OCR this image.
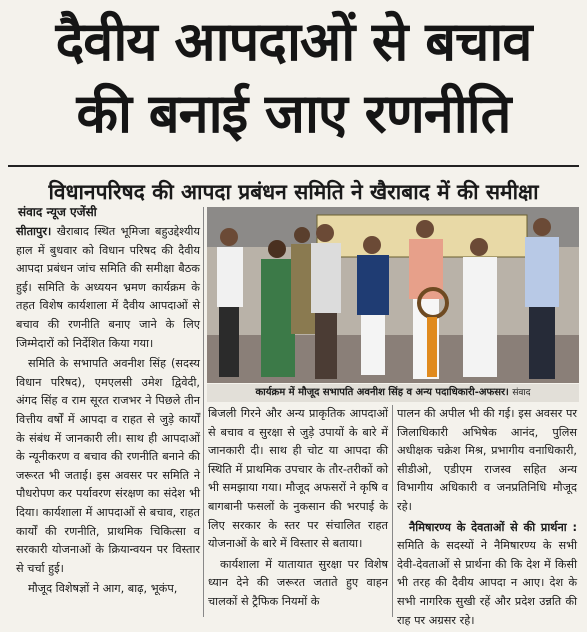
दैवीय आपदाओं से बचाव
की बनाई जाए रणनीति
विधानपरिषद की आपदा प्रबंधन समिति ने खैराबाद में की समीक्षा
संवाद न्यूज एजेंसी

सीतापुर। खैराबाद स्थित भूमिजा बहुउद्देश्यीय हाल में बुधवार को विधान परिषद की दैवीय आपदा प्रबंधन जांच समिति की समीक्षा बैठक हुई। समिति के अध्ययन भ्रमण कार्यक्रम के तहत विशेष कार्यशाला में दैवीय आपदाओं से बचाव की रणनीति बनाए जाने के लिए जिम्मेदारों को निर्देशित किया गया।

समिति के सभापति अवनीश सिंह (सदस्य विधान परिषद), एमएलसी उमेश द्विवेदी, अंगद सिंह व राम सूरत राजभर ने पिछले तीन वित्तीय वर्षों में आपदा व राहत से जुड़े कार्यों के संबंध में जानकारी ली। साथ ही आपदाओं के न्यूनीकरण व बचाव की रणनीति बनाने की जरूरत भी जताई। इस अवसर पर समिति ने पौधरोपण कर पर्यावरण संरक्षण का संदेश भी दिया। कार्यशाला में आपदाओं से बचाव, राहत कार्यों की रणनीति, प्राथमिक चिकित्सा व सरकारी योजनाओं के क्रियान्वयन पर विस्तार से चर्चा हुई।

मौजूद विशेषज्ञों ने आग, बाढ़, भूकंप,

कार्यक्रम में मौजूद सभापति अवनीश सिंह व अन्य पदाधिकारी-अफसर। संवाद

बिजली गिरने और अन्य प्राकृतिक आपदाओं से बचाव व सुरक्षा से जुड़े उपायों के बारे में जानकारी दी। साथ ही चोट या आपदा की स्थिति में प्राथमिक उपचार के तौर-तरीकों को भी समझाया गया। मौजूद अफसरों ने कृषि व बागबानी फसलों के नुकसान की भरपाई के लिए सरकार के स्तर पर संचालित राहत योजनाओं के बारे में विस्तार से बताया।

कार्यशाला में यातायात सुरक्षा पर विशेष ध्यान देने की जरूरत जताते हुए वाहन चालकों से ट्रैफिक नियमों के

पालन की अपील भी की गई। इस अवसर पर जिलाधिकारी अभिषेक आनंद, पुलिस अधीक्षक चक्रेश मिश्र, प्रभागीय वनाधिकारी, सीडीओ, एडीएम राजस्व सहित अन्य विभागीय अधिकारी व जनप्रतिनिधि मौजूद रहे।

नैमिषारण्य के देवताओं से की प्रार्थना : समिति के सदस्यों ने नैमिषारण्य के सभी देवी-देवताओं से प्रार्थना की कि देश में किसी भी तरह की दैवीय आपदा न आए। देश के सभी नागरिक सुखी रहें और प्रदेश उन्नति की राह पर अग्रसर रहे।
